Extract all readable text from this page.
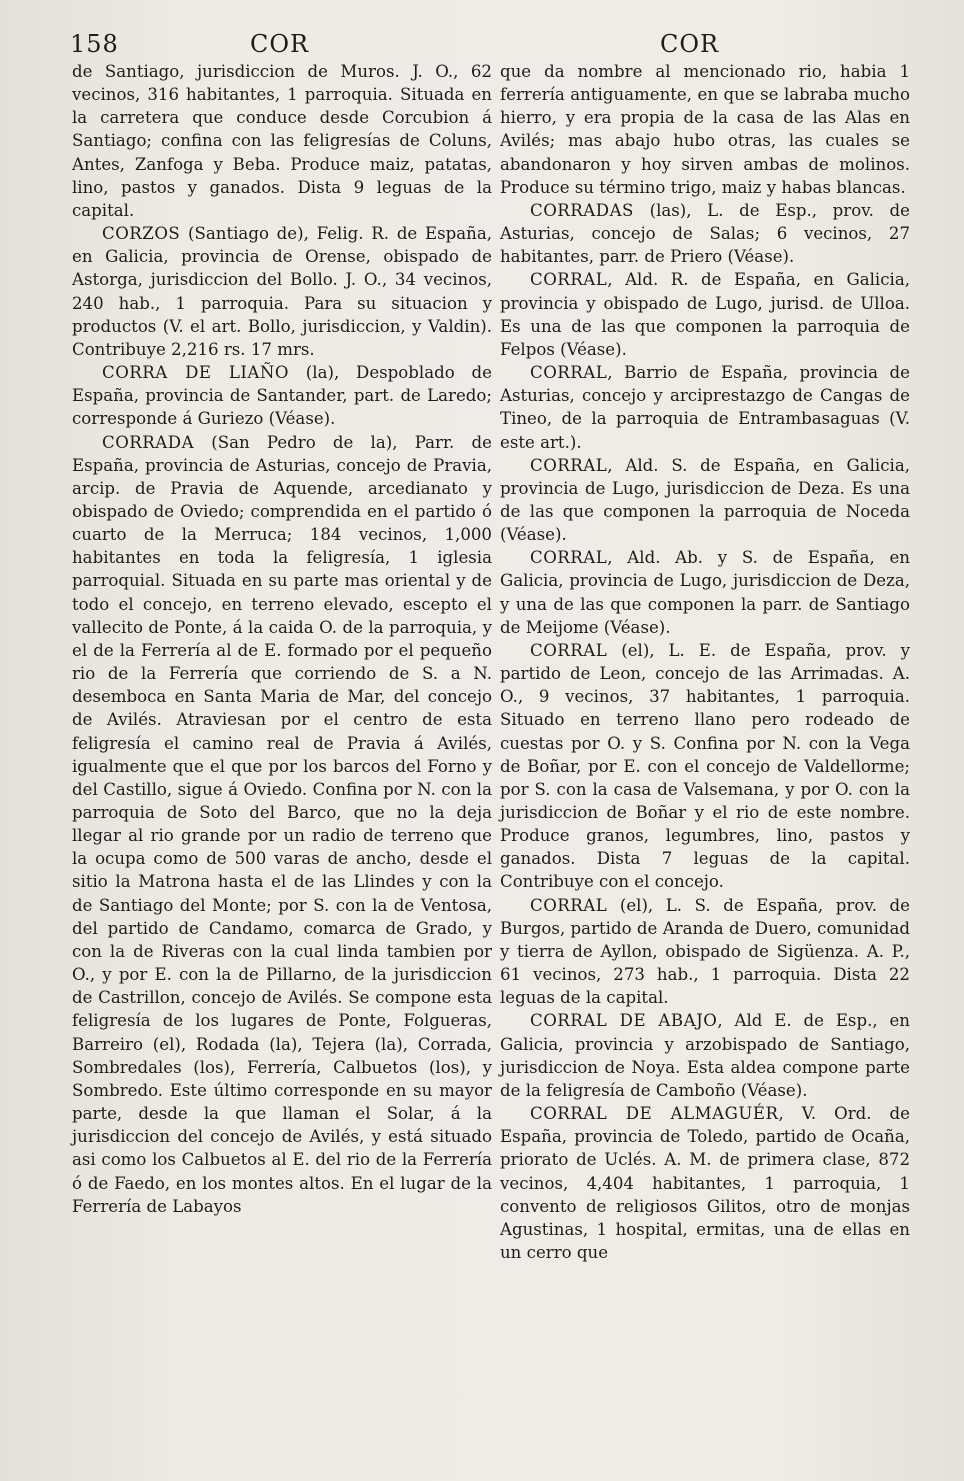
158	COR	COR

de Santiago, jurisdiccion de Muros. J. O., 62 vecinos, 316 habitantes, 1 parroquia. Situada en la carretera que conduce desde Corcubion á Santiago; confina con las feligresías de Coluns, Antes, Zanfoga y Beba. Produce maiz, patatas, lino, pastos y ganados. Dista 9 leguas de la capital.

CORZOS (Santiago de), Felig. R. de España, en Galicia, provincia de Orense, obispado de Astorga, jurisdiccion del Bollo. J. O., 34 vecinos, 240 hab., 1 parroquia. Para su situacion y productos (V. el art. Bollo, jurisdiccion, y Valdin). Contribuye 2,216 rs. 17 mrs.

CORRA DE LIAÑO (la), Despoblado de España, provincia de Santander, part. de Laredo; corresponde á Guriezo (Véase).

CORRADA (San Pedro de la), Parr. de España, provincia de Asturias, concejo de Pravia, arcip. de Pravia de Aquende, arcedianato y obispado de Oviedo; comprendida en el partido ó cuarto de la Merruca; 184 vecinos, 1,000 habitantes en toda la feligresía, 1 iglesia parroquial. Situada en su parte mas oriental y de todo el concejo, en terreno elevado, escepto el vallecito de Ponte, á la caida O. de la parroquia, y el de la Ferrería al de E. formado por el pequeño rio de la Ferrería que corriendo de S. a N. desemboca en Santa Maria de Mar, del concejo de Avilés. Atraviesan por el centro de esta feligresía el camino real de Pravia á Avilés, igualmente que el que por los barcos del Forno y del Castillo, sigue á Oviedo. Confina por N. con la parroquia de Soto del Barco, que no la deja llegar al rio grande por un radio de terreno que la ocupa como de 500 varas de ancho, desde el sitio la Matrona hasta el de las Llindes y con la de Santiago del Monte; por S. con la de Ventosa, del partido de Candamo, comarca de Grado, y con la de Riveras con la cual linda tambien por O., y por E. con la de Pillarno, de la jurisdiccion de Castrillon, concejo de Avilés. Se compone esta feligresía de los lugares de Ponte, Folgueras, Barreiro (el), Rodada (la), Tejera (la), Corrada, Sombredales (los), Ferrería, Calbuetos (los), y Sombredo. Este último corresponde en su mayor parte, desde la que llaman el Solar, á la jurisdiccion del concejo de Avilés, y está situado asi como los Calbuetos al E. del rio de la Ferrería ó de Faedo, en los montes altos. En el lugar de la Ferrería de Labayos

que da nombre al mencionado rio, habia 1 ferrería antiguamente, en que se labraba mucho hierro, y era propia de la casa de las Alas en Avilés; mas abajo hubo otras, las cuales se abandonaron y hoy sirven ambas de molinos. Produce su término trigo, maiz y habas blancas.

CORRADAS (las), L. de Esp., prov. de Asturias, concejo de Salas; 6 vecinos, 27 habitantes, parr. de Priero (Véase).

CORRAL, Ald. R. de España, en Galicia, provincia y obispado de Lugo, jurisd. de Ulloa. Es una de las que componen la parroquia de Felpos (Véase).

CORRAL, Barrio de España, provincia de Asturias, concejo y arciprestazgo de Cangas de Tineo, de la parroquia de Entrambasaguas (V. este art.).

CORRAL, Ald. S. de España, en Galicia, provincia de Lugo, jurisdiccion de Deza. Es una de las que componen la parroquia de Noceda (Véase).

CORRAL, Ald. Ab. y S. de España, en Galicia, provincia de Lugo, jurisdiccion de Deza, y una de las que componen la parr. de Santiago de Meijome (Véase).

CORRAL (el), L. E. de España, prov. y partido de Leon, concejo de las Arrimadas. A. O., 9 vecinos, 37 habitantes, 1 parroquia. Situado en terreno llano pero rodeado de cuestas por O. y S. Confina por N. con la Vega de Boñar, por E. con el concejo de Valdellorme; por S. con la casa de Valsemana, y por O. con la jurisdiccion de Boñar y el rio de este nombre. Produce granos, legumbres, lino, pastos y ganados. Dista 7 leguas de la capital. Contribuye con el concejo.

CORRAL (el), L. S. de España, prov. de Burgos, partido de Aranda de Duero, comunidad y tierra de Ayllon, obispado de Sigüenza. A. P., 61 vecinos, 273 hab., 1 parroquia. Dista 22 leguas de la capital.

CORRAL DE ABAJO, Ald E. de Esp., en Galicia, provincia y arzobispado de Santiago, jurisdiccion de Noya. Esta aldea compone parte de la feligresía de Camboño (Véase).

CORRAL DE ALMAGUÉR, V. Ord. de España, provincia de Toledo, partido de Ocaña, priorato de Uclés. A. M. de primera clase, 872 vecinos, 4,404 habitantes, 1 parroquia, 1 convento de religiosos Gilitos, otro de monjas Agustinas, 1 hospital, ermitas, una de ellas en un cerro que
